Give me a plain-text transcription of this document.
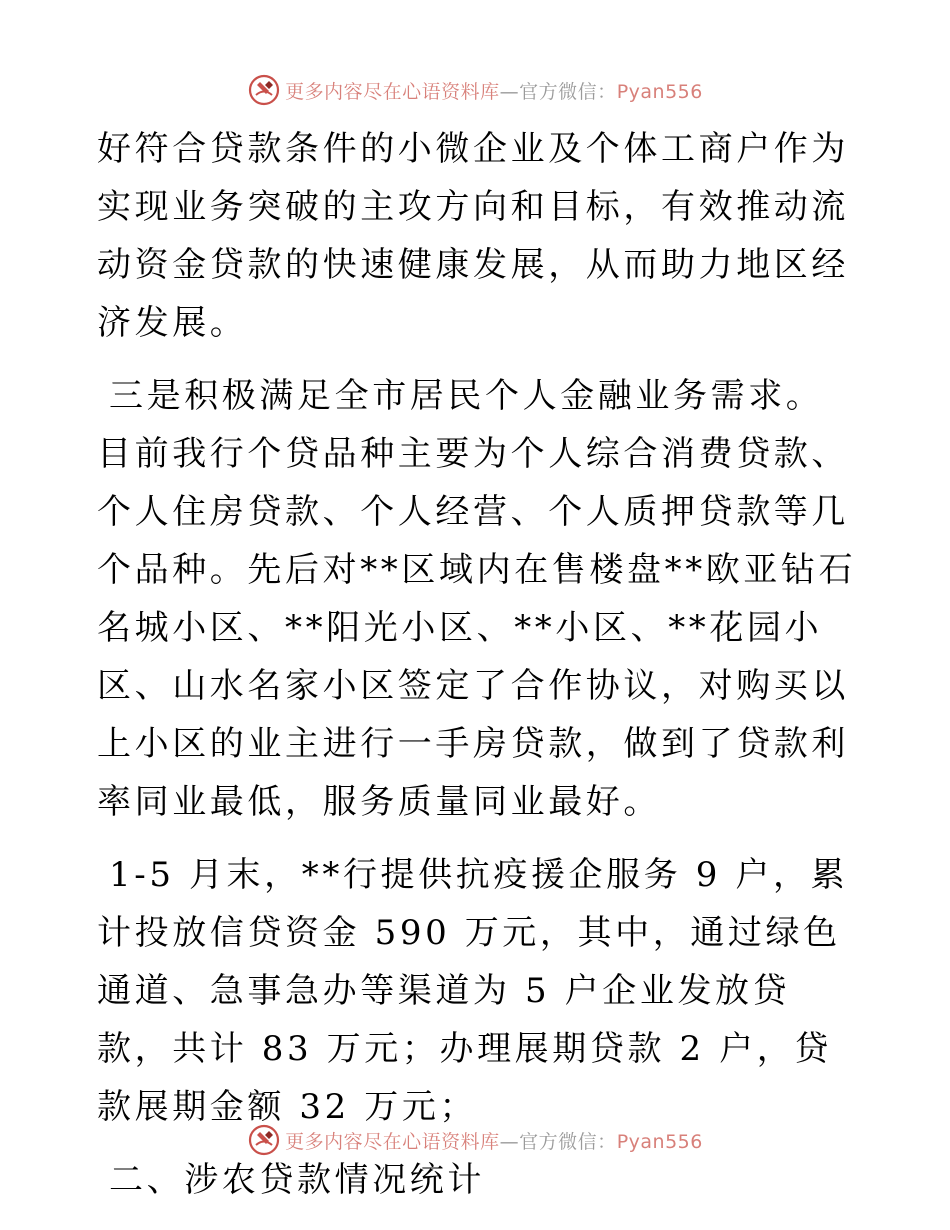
更多内容尽在心语资料库—官方微信：Pyan556

好符合贷款条件的小微企业及个体工商户作为实现业务突破的主攻方向和目标，有效推动流动资金贷款的快速健康发展，从而助力地区经济发展。

三是积极满足全市居民个人金融业务需求。目前我行个贷品种主要为个人综合消费贷款、个人住房贷款、个人经营、个人质押贷款等几个品种。先后对**区域内在售楼盘**欧亚钻石名城小区、**阳光小区、**小区、**花园小区、山水名家小区签定了合作协议，对购买以上小区的业主进行一手房贷款，做到了贷款利率同业最低，服务质量同业最好。

1-5 月末，**行提供抗疫援企服务 9 户，累计投放信贷资金 590 万元，其中，通过绿色通道、急事急办等渠道为 5 户企业发放贷款，共计 83 万元；办理展期贷款 2 户，贷款展期金额 32 万元；

二、涉农贷款情况统计

更多内容尽在心语资料库—官方微信：Pyan556
